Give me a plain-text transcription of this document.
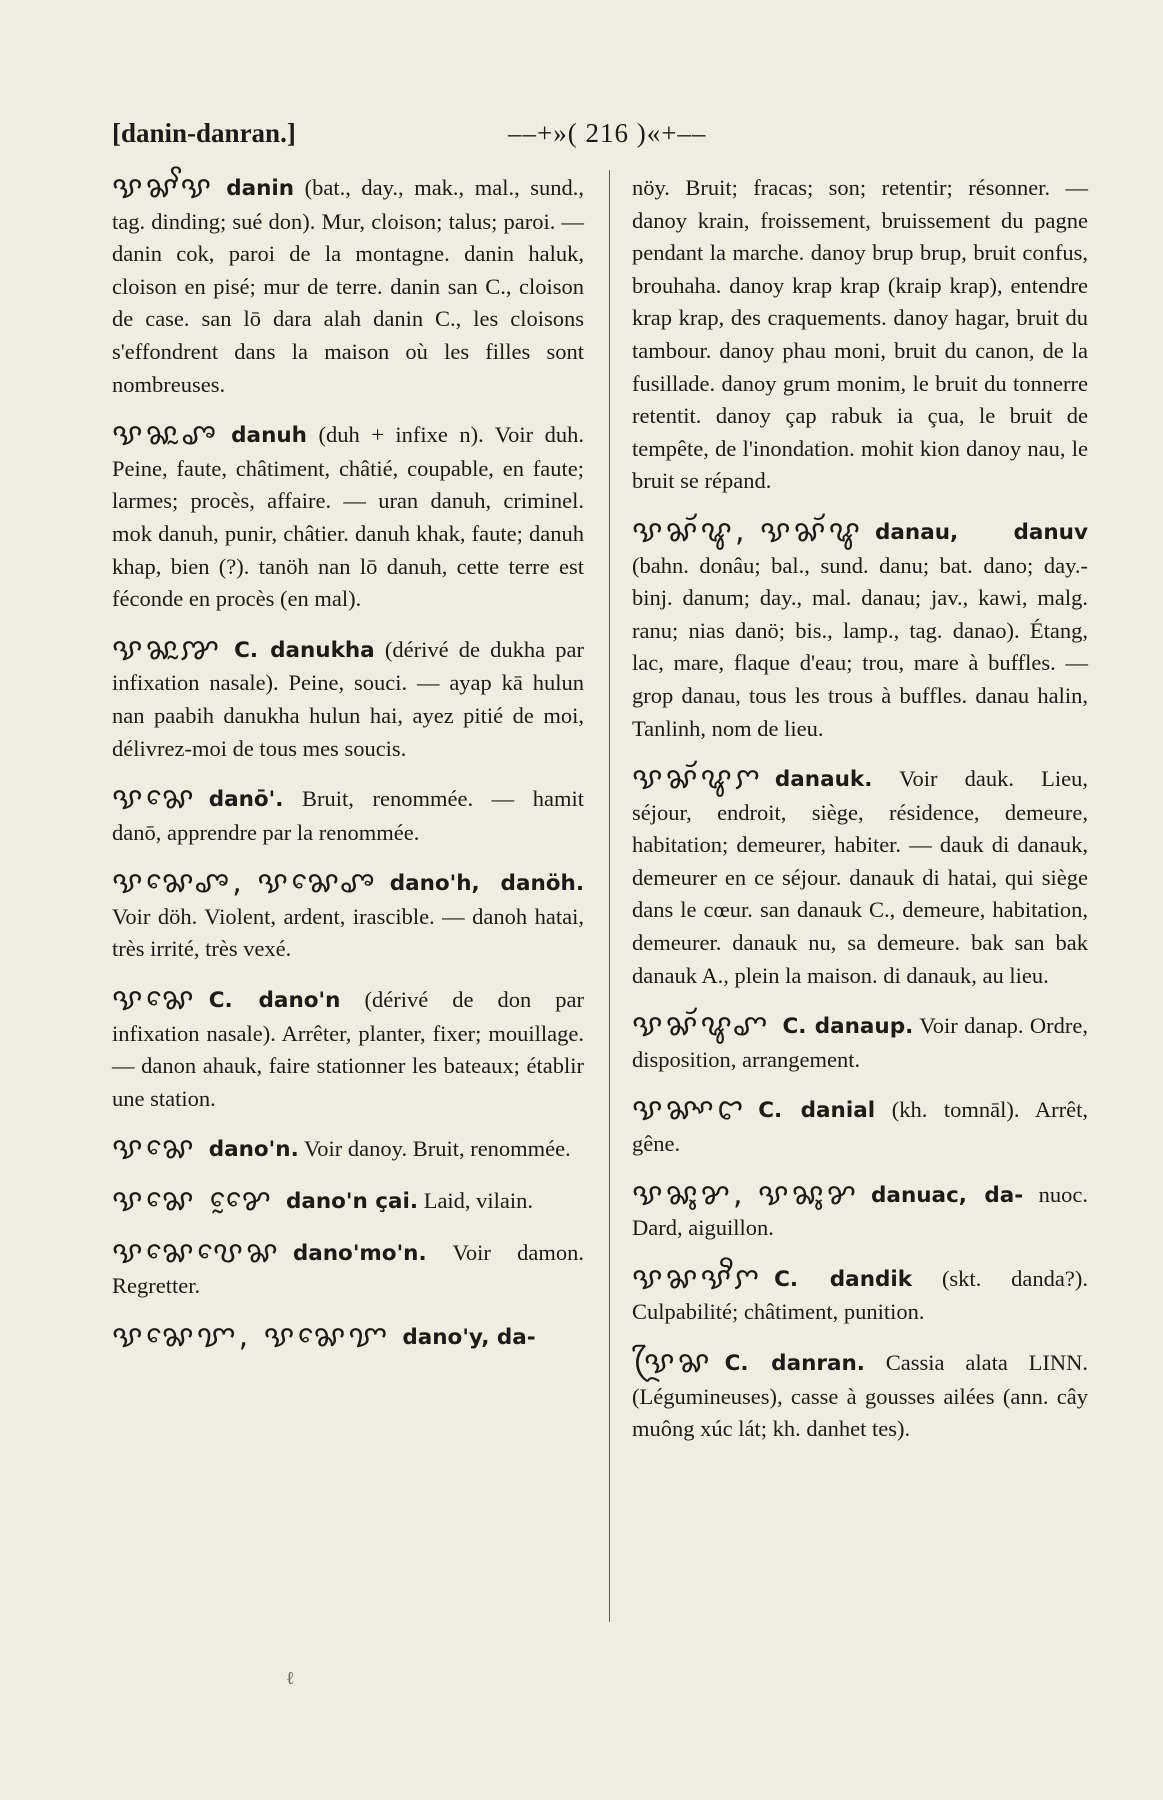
[danin-danran.]	––+»( 216 )«+––

ꨕꨗꨩꨕ danin (bat., day., mak., mal., sund., tag. dinding; sué don). Mur, cloison; talus; paroi. — danin cok, paroi de la montagne. danin haluk, cloison en pisé; mur de terre. danin san C., cloison de case. san lō dara alah danin C., les cloisons s'effondrent dans la maison où les filles sont nombreuses.

ꨕꨗꨭꨨ danuh (duh + infixe n). Voir duh. Peine, faute, châtiment, châtié, coupable, en faute; larmes; procès, affaire. — uran danuh, criminel. mok danuh, punir, châtier. danuh khak, faute; danuh khap, bien (?). tanöh nan lō danuh, cette terre est féconde en procès (en mal).

ꨕꨗꨭꨇ C. danukha (dérivé de dukha par infixation nasale). Peine, souci. — ayap kā hulun nan paabih danukha hulun hai, ayez pitié de moi, délivrez-moi de tous mes soucis.

ꨕꨗꨯ danō'. Bruit, renommée. — hamit danō, apprendre par la renommée.

ꨕꨗꨯꨨ, ꨕꨗꨯꨨ dano'h, danöh. Voir döh. Violent, ardent, irascible. — danoh hatai, très irrité, très vexé.

ꨕꨗꨯ C. dano'n (dérivé de don par infixation nasale). Arrêter, planter, fixer; mouillage. — danon ahauk, faire stationner les bateaux; établir une station.

ꨕꨗꨯ dano'n. Voir danoy. Bruit, renommée.

ꨕꨗꨯ ꨌꨯꨰ dano'n çai. Laid, vilain.

ꨕꨗꨯꨝꨯꨗ dano'mo'n. Voir damon. Regretter.

ꨕꨗꨯꨢ, ꨕꨗꨯꨢ dano'y, da-

nöy. Bruit; fracas; son; retentir; résonner. — danoy krain, froissement, bruissement du pagne pendant la marche. danoy brup brup, bruit confus, brouhaha. danoy krap krap (kraip krap), entendre krap krap, des craquements. danoy hagar, bruit du tambour. danoy phau moni, bruit du canon, de la fusillade. danoy grum monim, le bruit du tonnerre retentit. danoy çap rabuk ia çua, le bruit de tempête, de l'inondation. mohit kion danoy nau, le bruit se répand.

ꨕꨗꨮꨥ, ꨕꨗꨮꨥ danau, danuv (bahn. donâu; bal., sund. danu; bat. dano; day.-binj. danum; day., mal. danau; jav., kawi, malg. ranu; nias danö; bis., lamp., tag. danao). Étang, lac, mare, flaque d'eau; trou, mare à buffles. — grop danau, tous les trous à buffles. danau halin, Tanlinh, nom de lieu.

ꨕꨗꨮꨥꨆ danauk. Voir dauk. Lieu, séjour, endroit, siège, résidence, demeure, habitation; demeurer, habiter. — dauk di danauk, demeurer en ce séjour. danauk di hatai, qui siège dans le cœur. san danauk C., demeure, habitation, demeurer. danauk nu, sa demeure. bak san bak danauk A., plein la maison. di danauk, au lieu.

ꨕꨗꨮꨥꨚ C. danaup. Voir danap. Ordre, disposition, arrangement.

ꨕꨗꨳꨤ C. danial (kh. tomnāl). Arrêt, gêne.

ꨕꨗꨶꨌ, ꨕꨗꨶꨌ danuac, da- nuoc. Dard, aiguillon.

ꨕꨗꨕꨪꨆ C. dandik (skt. danda?). Culpabilité; châtiment, punition.

ꨕꨴꨗ C. danran. Cassia alata LINN. (Légumineuses), casse à gousses ailées (ann. cây muông xúc lát; kh. danhet tes).

ℓ
